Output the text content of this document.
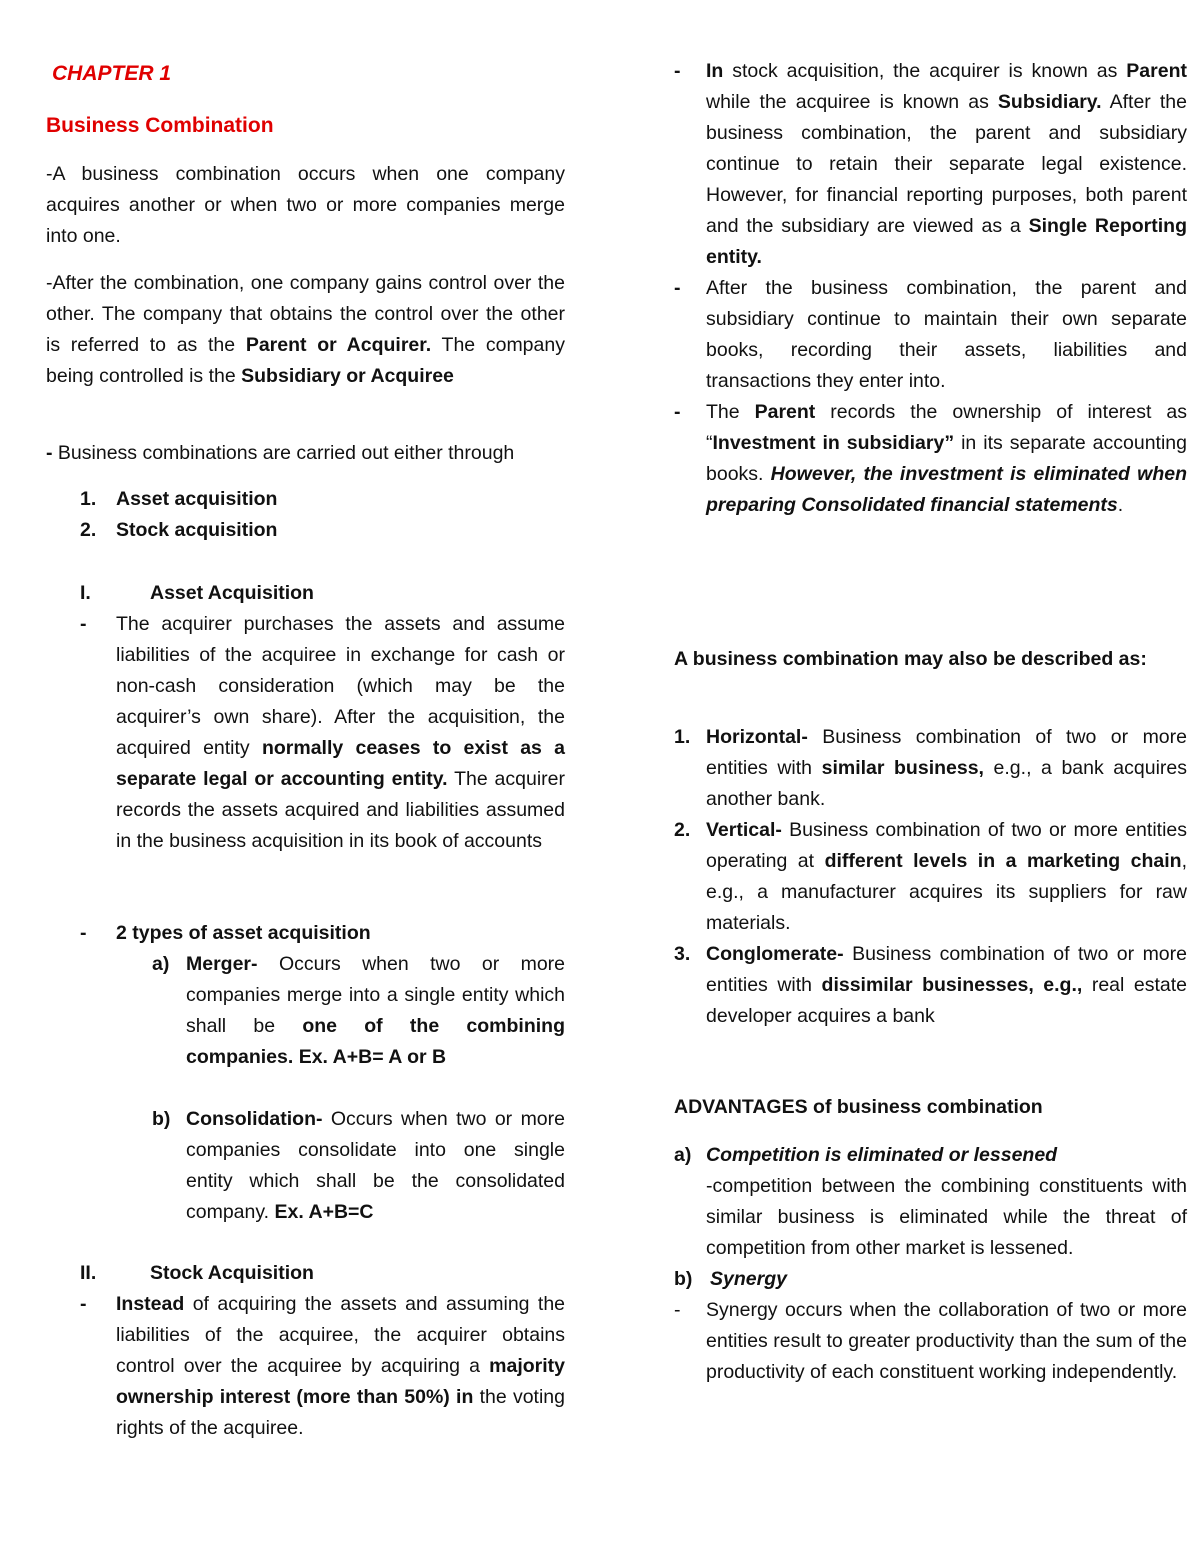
CHAPTER 1

Business Combination

-A business combination occurs when one company acquires another or when two or more companies merge into one.

-After the combination, one company gains control over the other. The company that obtains the control over the other is referred to as the Parent or Acquirer. The company being controlled is the Subsidiary or Acquiree

- Business combinations are carried out either through

1. Asset acquisition
2. Stock acquisition
I.	Asset Acquisition
- The acquirer purchases the assets and assume liabilities of the acquiree in exchange for cash or non-cash consideration (which may be the acquirer’s own share). After the acquisition, the acquired entity normally ceases to exist as a separate legal or accounting entity. The acquirer records the assets acquired and liabilities assumed in the business acquisition in its book of accounts
- 2 types of asset acquisition
a) Merger- Occurs when two or more companies merge into a single entity which shall be one of the combining companies. Ex. A+B= A or B
b) Consolidation- Occurs when two or more companies consolidate into one single entity which shall be the consolidated company. Ex. A+B=C
II.	Stock Acquisition
- Instead of acquiring the assets and assuming the liabilities of the acquiree, the acquirer obtains control over the acquiree by acquiring a majority ownership interest (more than 50%) in the voting rights of the acquiree.
- In stock acquisition, the acquirer is known as Parent while the acquiree is known as Subsidiary. After the business combination, the parent and subsidiary continue to retain their separate legal existence. However, for financial reporting purposes, both parent and the subsidiary are viewed as a Single Reporting entity.
- After the business combination, the parent and subsidiary continue to maintain their own separate books, recording their assets, liabilities and transactions they enter into.
- The Parent records the ownership of interest as “Investment in subsidiary” in its separate accounting books. However, the investment is eliminated when preparing Consolidated financial statements.

A business combination may also be described as:

1. Horizontal- Business combination of two or more entities with similar business, e.g., a bank acquires another bank.
2. Vertical- Business combination of two or more entities operating at different levels in a marketing chain, e.g., a manufacturer acquires its suppliers for raw materials.
3. Conglomerate- Business combination of two or more entities with dissimilar businesses, e.g., real estate developer acquires a bank

ADVANTAGES of business combination

a) Competition is eliminated or lessened

-competition between the combining constituents with similar business is eliminated while the threat of competition from other market is lessened.

b) Synergy
- Synergy occurs when the collaboration of two or more entities result to greater productivity than the sum of the productivity of each constituent working independently.
